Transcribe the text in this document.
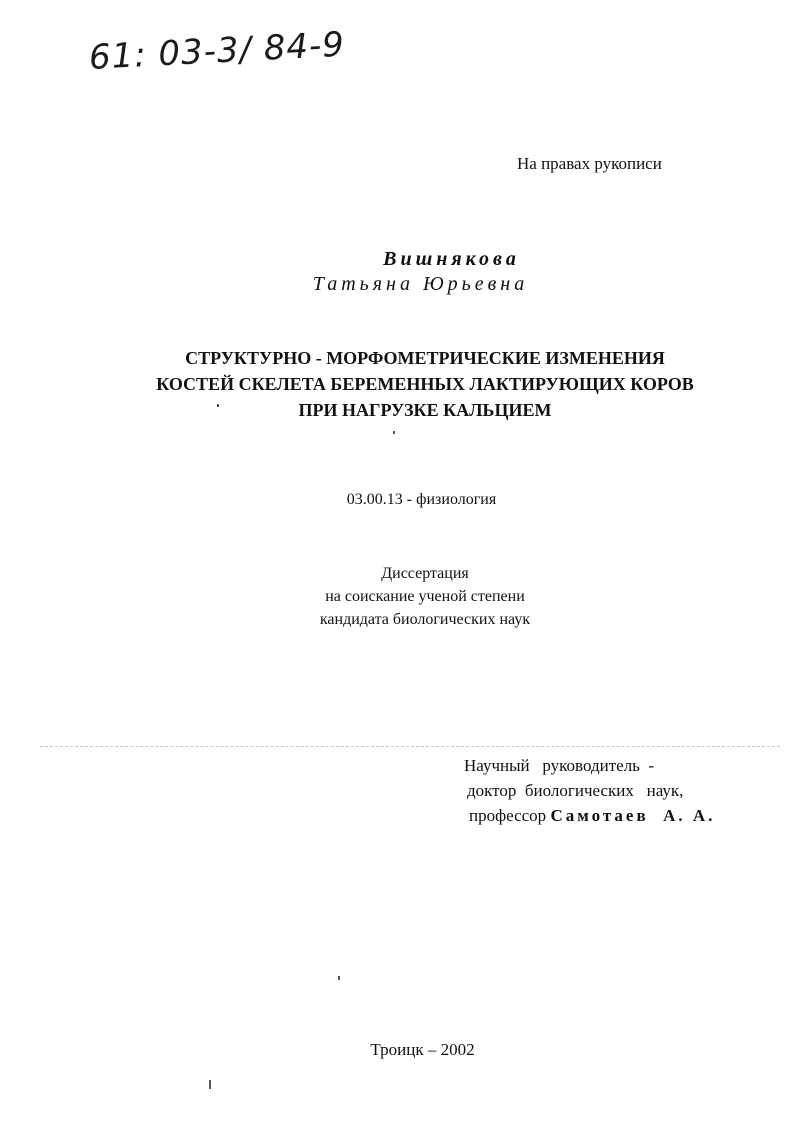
61: 03-3/ 84-9
На правах рукописи
Вишнякова
Татьяна Юрьевна
СТРУКТУРНО - МОРФОМЕТРИЧЕСКИЕ ИЗМЕНЕНИЯ
КОСТЕЙ СКЕЛЕТА БЕРЕМЕННЫХ ЛАКТИРУЮЩИХ КОРОВ
ПРИ НАГРУЗКЕ КАЛЬЦИЕМ
03.00.13 - физиология
Диссертация
на соискание ученой степени
кандидата биологических наук
Научный   руководитель  -
доктор  биологических   наук,
профессор Самотаев  А. А.
Троицк – 2002
